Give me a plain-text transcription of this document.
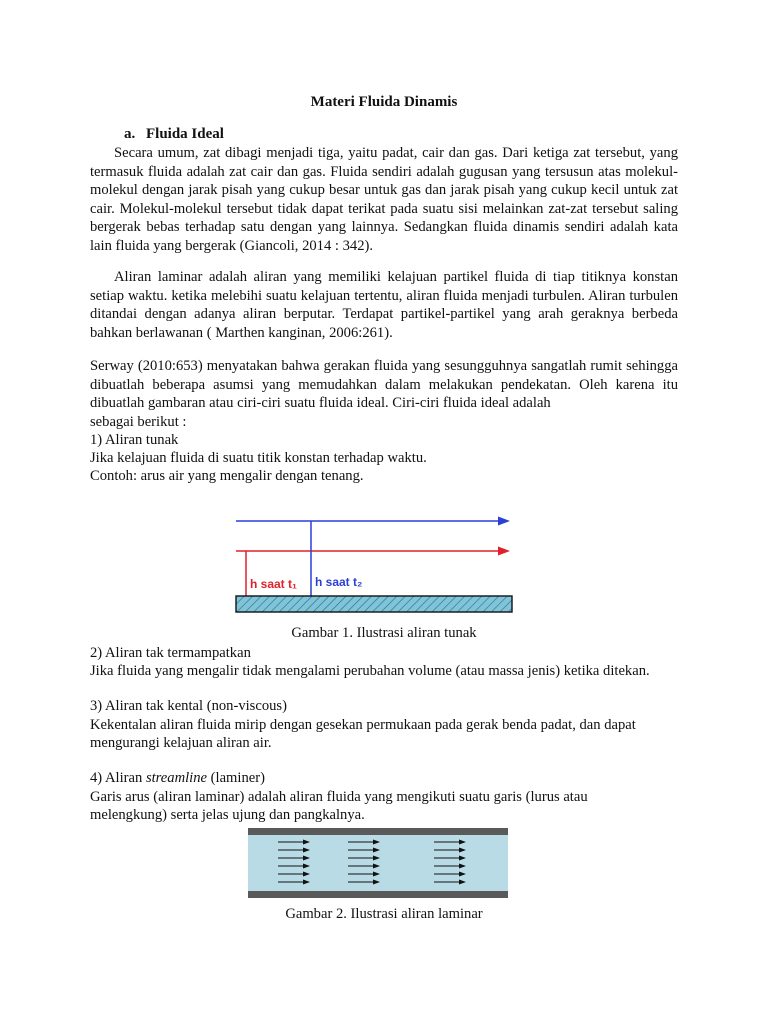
Materi Fluida Dinamis
a. Fluida Ideal
Secara umum, zat dibagi menjadi tiga, yaitu padat, cair dan gas. Dari ketiga zat tersebut, yang termasuk fluida adalah zat cair dan gas. Fluida sendiri adalah gugusan yang tersusun atas molekul-molekul dengan jarak pisah yang cukup besar untuk gas dan jarak pisah yang cukup kecil untuk zat cair. Molekul-molekul tersebut tidak dapat terikat pada suatu sisi melainkan zat-zat tersebut saling bergerak bebas terhadap satu dengan yang lainnya. Sedangkan fluida dinamis sendiri adalah kata lain fluida yang bergerak (Giancoli, 2014 : 342).
Aliran laminar adalah aliran yang memiliki kelajuan partikel fluida di tiap titiknya konstan setiap waktu. ketika melebihi suatu kelajuan tertentu, aliran fluida menjadi turbulen. Aliran turbulen ditandai dengan adanya aliran berputar. Terdapat partikel-partikel yang arah geraknya berbeda bahkan berlawanan ( Marthen kanginan, 2006:261).
Serway (2010:653) menyatakan bahwa gerakan fluida yang sesungguhnya sangatlah rumit sehingga dibuatlah beberapa asumsi yang memudahkan dalam melakukan pendekatan. Oleh karena itu dibuatlah gambaran atau ciri-ciri suatu fluida ideal. Ciri-ciri fluida ideal adalah
sebagai berikut :
1) Aliran tunak
Jika kelajuan fluida di suatu titik konstan terhadap waktu.
Contoh: arus air yang mengalir dengan tenang.
h saat t₁ h saat t₂
Gambar 1. Ilustrasi aliran tunak
2) Aliran tak termampatkan
Jika fluida yang mengalir tidak mengalami perubahan volume (atau massa jenis) ketika ditekan.
3) Aliran tak kental (non-viscous)
Kekentalan aliran fluida mirip dengan gesekan permukaan pada gerak benda padat, dan dapat
mengurangi kelajuan aliran air.
4) Aliran streamline (laminer)
Garis arus (aliran laminar) adalah aliran fluida yang mengikuti suatu garis (lurus atau
melengkung) serta jelas ujung dan pangkalnya.
Gambar 2. Ilustrasi aliran laminar
